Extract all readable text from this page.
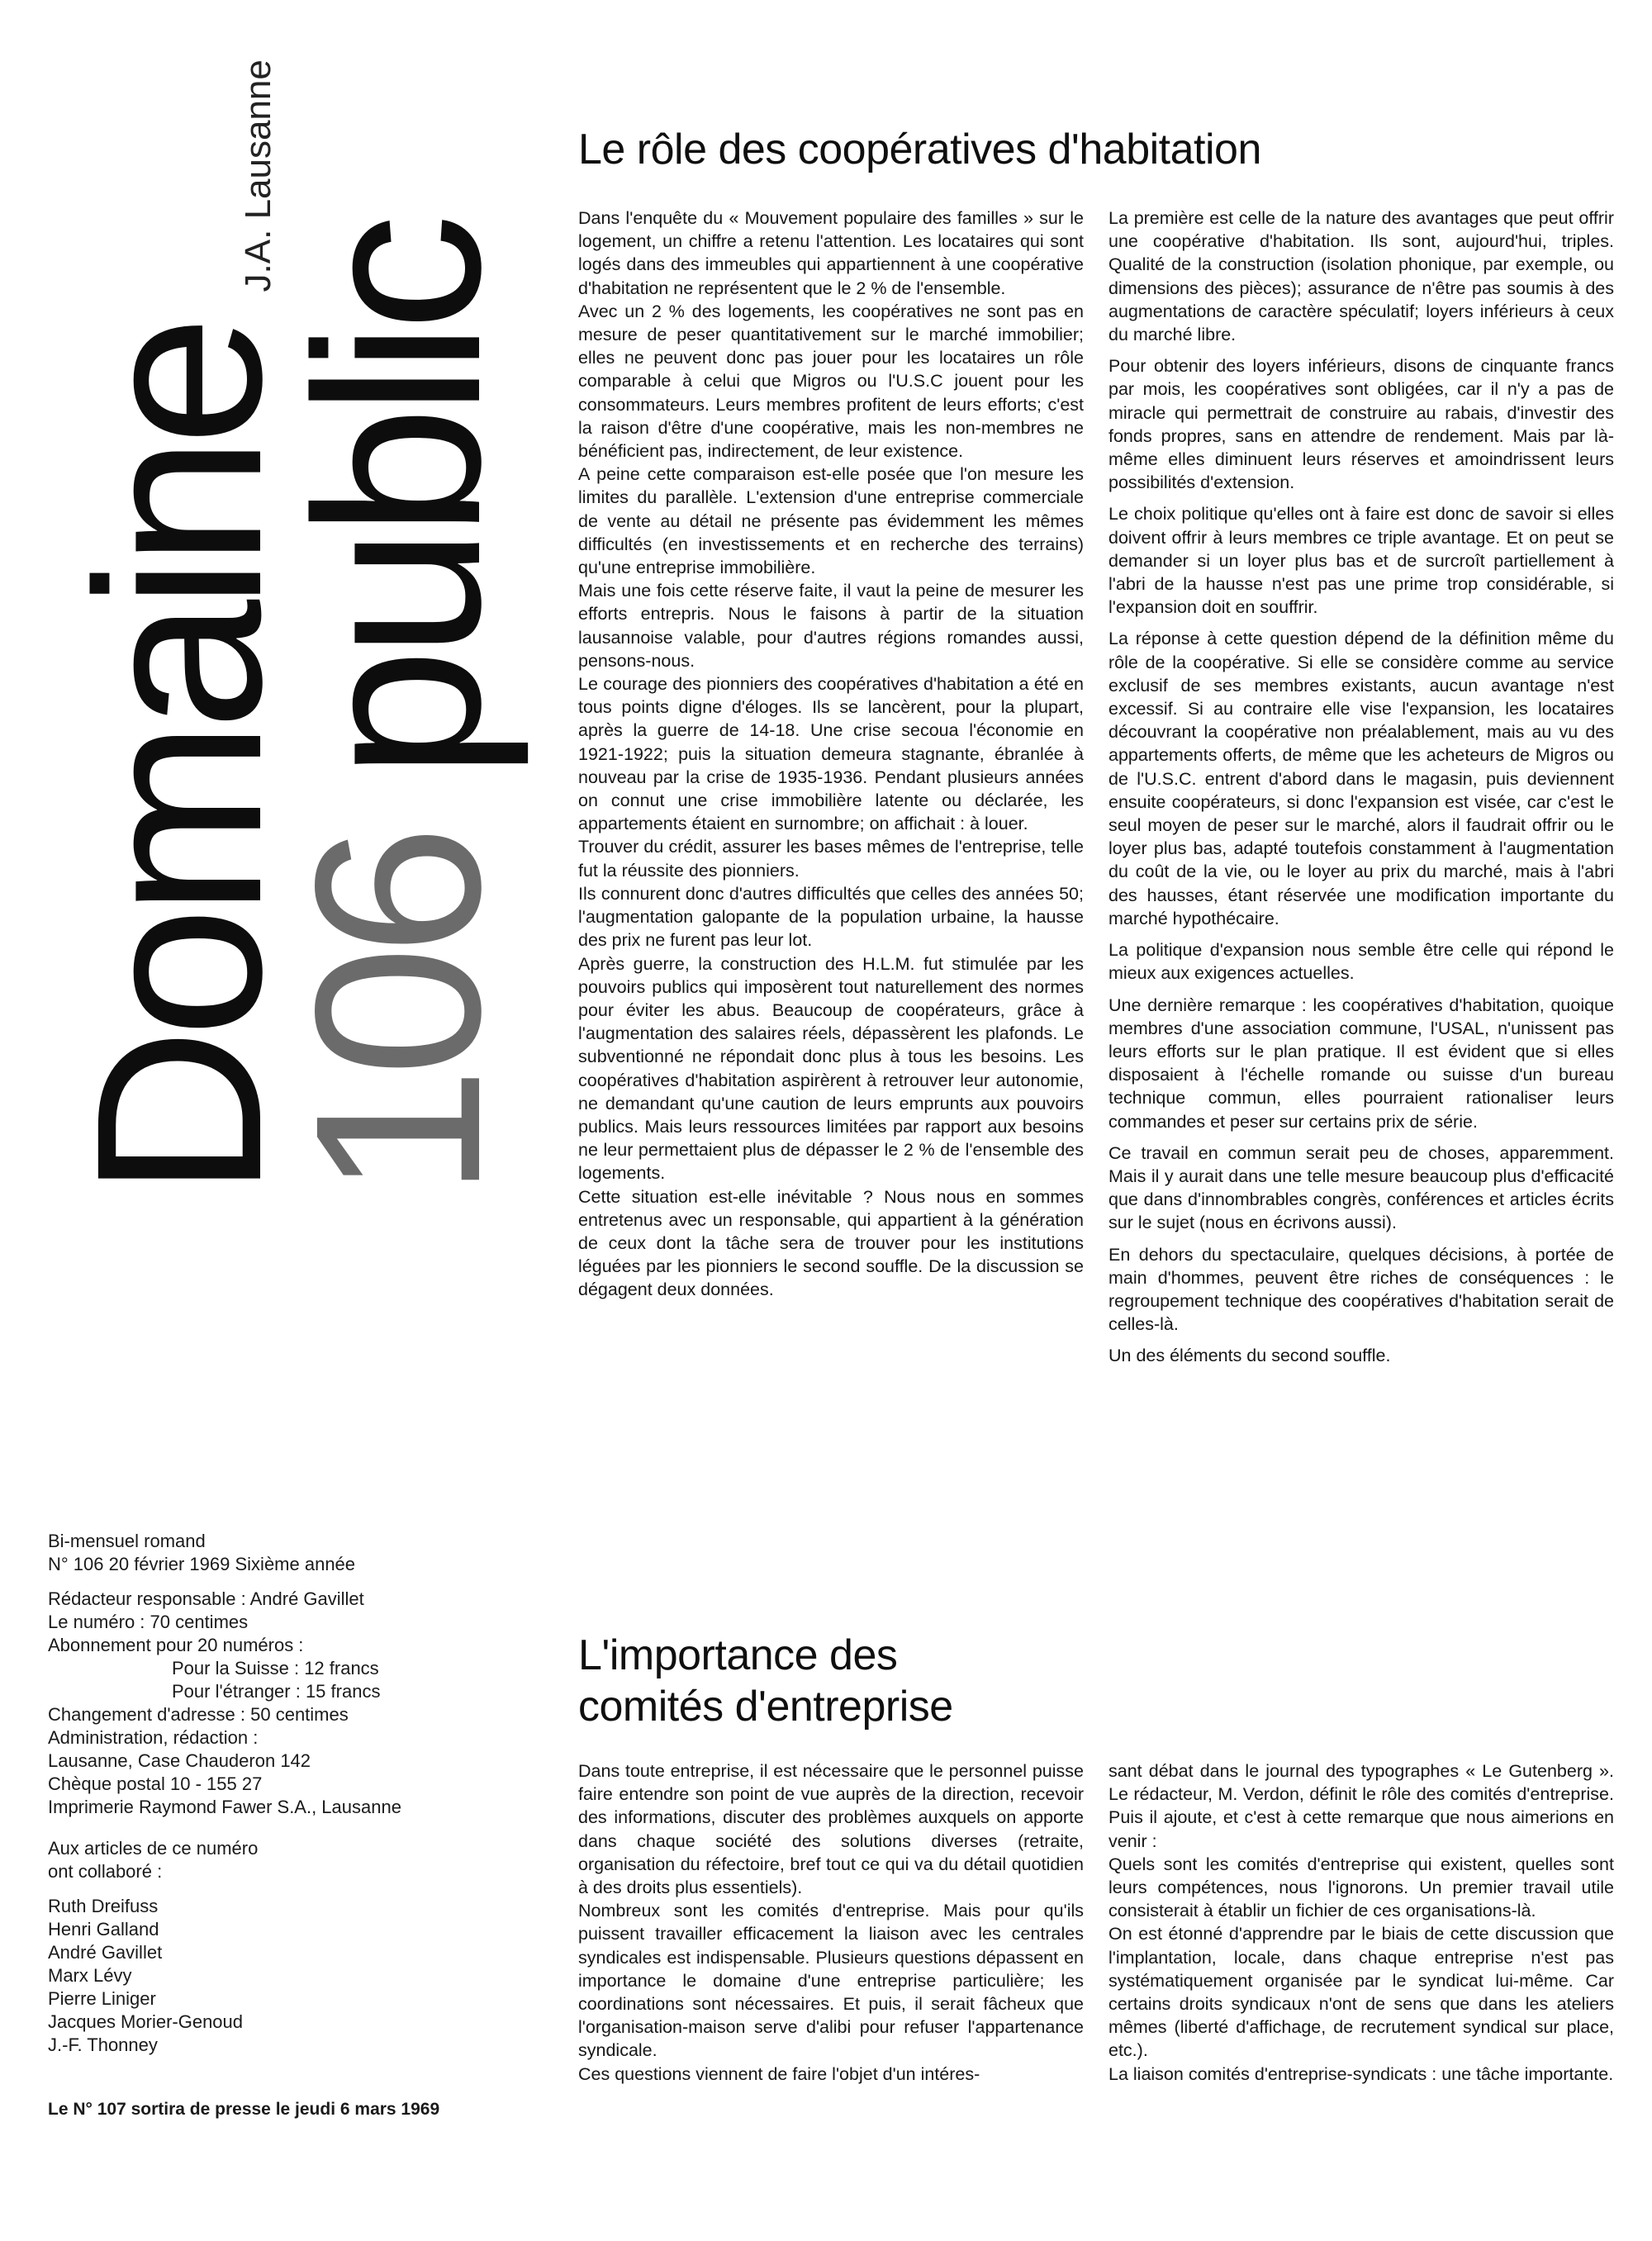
Domaine
J.A. Lausanne
106 public
Le rôle des coopératives d'habitation

Dans l'enquête du « Mouvement populaire des familles » sur le logement, un chiffre a retenu l'attention. Les locataires qui sont logés dans des immeubles qui appartiennent à une coopérative d'habitation ne représentent que le 2 % de l'ensemble.

Avec un 2 % des logements, les coopératives ne sont pas en mesure de peser quantitativement sur le marché immobilier; elles ne peuvent donc pas jouer pour les locataires un rôle comparable à celui que Migros ou l'U.S.C jouent pour les consommateurs. Leurs membres profitent de leurs efforts; c'est la raison d'être d'une coopérative, mais les non-membres ne bénéficient pas, indirectement, de leur existence.

A peine cette comparaison est-elle posée que l'on mesure les limites du parallèle. L'extension d'une entreprise commerciale de vente au détail ne présente pas évidemment les mêmes difficultés (en investissements et en recherche des terrains) qu'une entreprise immobilière.

Mais une fois cette réserve faite, il vaut la peine de mesurer les efforts entrepris. Nous le faisons à partir de la situation lausannoise valable, pour d'autres régions romandes aussi, pensons-nous.

Le courage des pionniers des coopératives d'habitation a été en tous points digne d'éloges. Ils se lancèrent, pour la plupart, après la guerre de 14-18. Une crise secoua l'économie en 1921-1922; puis la situation demeura stagnante, ébranlée à nouveau par la crise de 1935-1936. Pendant plusieurs années on connut une crise immobilière latente ou déclarée, les appartements étaient en surnombre; on affichait : à louer.

Trouver du crédit, assurer les bases mêmes de l'entreprise, telle fut la réussite des pionniers.

Ils connurent donc d'autres difficultés que celles des années 50; l'augmentation galopante de la population urbaine, la hausse des prix ne furent pas leur lot.

Après guerre, la construction des H.L.M. fut stimulée par les pouvoirs publics qui imposèrent tout naturellement des normes pour éviter les abus. Beaucoup de coopérateurs, grâce à l'augmentation des salaires réels, dépassèrent les plafonds. Le subventionné ne répondait donc plus à tous les besoins. Les coopératives d'habitation aspirèrent à retrouver leur autonomie, ne demandant qu'une caution de leurs emprunts aux pouvoirs publics. Mais leurs ressources limitées par rapport aux besoins ne leur permettaient plus de dépasser le 2 % de l'ensemble des logements.

Cette situation est-elle inévitable ? Nous nous en sommes entretenus avec un responsable, qui appartient à la génération de ceux dont la tâche sera de trouver pour les institutions léguées par les pionniers le second souffle. De la discussion se dégagent deux données.

La première est celle de la nature des avantages que peut offrir une coopérative d'habitation. Ils sont, aujourd'hui, triples. Qualité de la construction (isolation phonique, par exemple, ou dimensions des pièces); assurance de n'être pas soumis à des augmentations de caractère spéculatif; loyers inférieurs à ceux du marché libre.

Pour obtenir des loyers inférieurs, disons de cinquante francs par mois, les coopératives sont obligées, car il n'y a pas de miracle qui permettrait de construire au rabais, d'investir des fonds propres, sans en attendre de rendement. Mais par là-même elles diminuent leurs réserves et amoindrissent leurs possibilités d'extension.

Le choix politique qu'elles ont à faire est donc de savoir si elles doivent offrir à leurs membres ce triple avantage. Et on peut se demander si un loyer plus bas et de surcroît partiellement à l'abri de la hausse n'est pas une prime trop considérable, si l'expansion doit en souffrir.

La réponse à cette question dépend de la définition même du rôle de la coopérative. Si elle se considère comme au service exclusif de ses membres existants, aucun avantage n'est excessif. Si au contraire elle vise l'expansion, les locataires découvrant la coopérative non préalablement, mais au vu des appartements offerts, de même que les acheteurs de Migros ou de l'U.S.C. entrent d'abord dans le magasin, puis deviennent ensuite coopérateurs, si donc l'expansion est visée, car c'est le seul moyen de peser sur le marché, alors il faudrait offrir ou le loyer plus bas, adapté toutefois constamment à l'augmentation du coût de la vie, ou le loyer au prix du marché, mais à l'abri des hausses, étant réservée une modification importante du marché hypothécaire.

La politique d'expansion nous semble être celle qui répond le mieux aux exigences actuelles.

Une dernière remarque : les coopératives d'habitation, quoique membres d'une association commune, l'USAL, n'unissent pas leurs efforts sur le plan pratique. Il est évident que si elles disposaient à l'échelle romande ou suisse d'un bureau technique commun, elles pourraient rationaliser leurs commandes et peser sur certains prix de série.

Ce travail en commun serait peu de choses, apparemment. Mais il y aurait dans une telle mesure beaucoup plus d'efficacité que dans d'innombrables congrès, conférences et articles écrits sur le sujet (nous en écrivons aussi).

En dehors du spectaculaire, quelques décisions, à portée de main d'hommes, peuvent être riches de conséquences : le regroupement technique des coopératives d'habitation serait de celles-là.

Un des éléments du second souffle.

L'importance des
comités d'entreprise

Dans toute entreprise, il est nécessaire que le personnel puisse faire entendre son point de vue auprès de la direction, recevoir des informations, discuter des problèmes auxquels on apporte dans chaque société des solutions diverses (retraite, organisation du réfectoire, bref tout ce qui va du détail quotidien à des droits plus essentiels).

Nombreux sont les comités d'entreprise. Mais pour qu'ils puissent travailler efficacement la liaison avec les centrales syndicales est indispensable. Plusieurs questions dépassent en importance le domaine d'une entreprise particulière; les coordinations sont nécessaires. Et puis, il serait fâcheux que l'organisation-maison serve d'alibi pour refuser l'appartenance syndicale.

Ces questions viennent de faire l'objet d'un intéres-

sant débat dans le journal des typographes « Le Gutenberg ». Le rédacteur, M. Verdon, définit le rôle des comités d'entreprise. Puis il ajoute, et c'est à cette remarque que nous aimerions en venir :

Quels sont les comités d'entreprise qui existent, quelles sont leurs compétences, nous l'ignorons. Un premier travail utile consisterait à établir un fichier de ces organisations-là.

On est étonné d'apprendre par le biais de cette discussion que l'implantation, locale, dans chaque entreprise n'est pas systématiquement organisée par le syndicat lui-même. Car certains droits syndicaux n'ont de sens que dans les ateliers mêmes (liberté d'affichage, de recrutement syndical sur place, etc.).

La liaison comités d'entreprise-syndicats : une tâche importante.

Bi-mensuel romand

N° 106 20 février 1969 Sixième année

Rédacteur responsable : André Gavillet

Le numéro : 70 centimes

Abonnement pour 20 numéros :

Pour la Suisse : 12 francs

Pour l'étranger : 15 francs

Changement d'adresse : 50 centimes

Administration, rédaction :

Lausanne, Case Chauderon 142

Chèque postal 10 - 155 27

Imprimerie Raymond Fawer S.A., Lausanne

Aux articles de ce numéro

ont collaboré :

Ruth Dreifuss

Henri Galland

André Gavillet

Marx Lévy

Pierre Liniger

Jacques Morier-Genoud

J.-F. Thonney

Le N° 107 sortira de presse le jeudi 6 mars 1969
